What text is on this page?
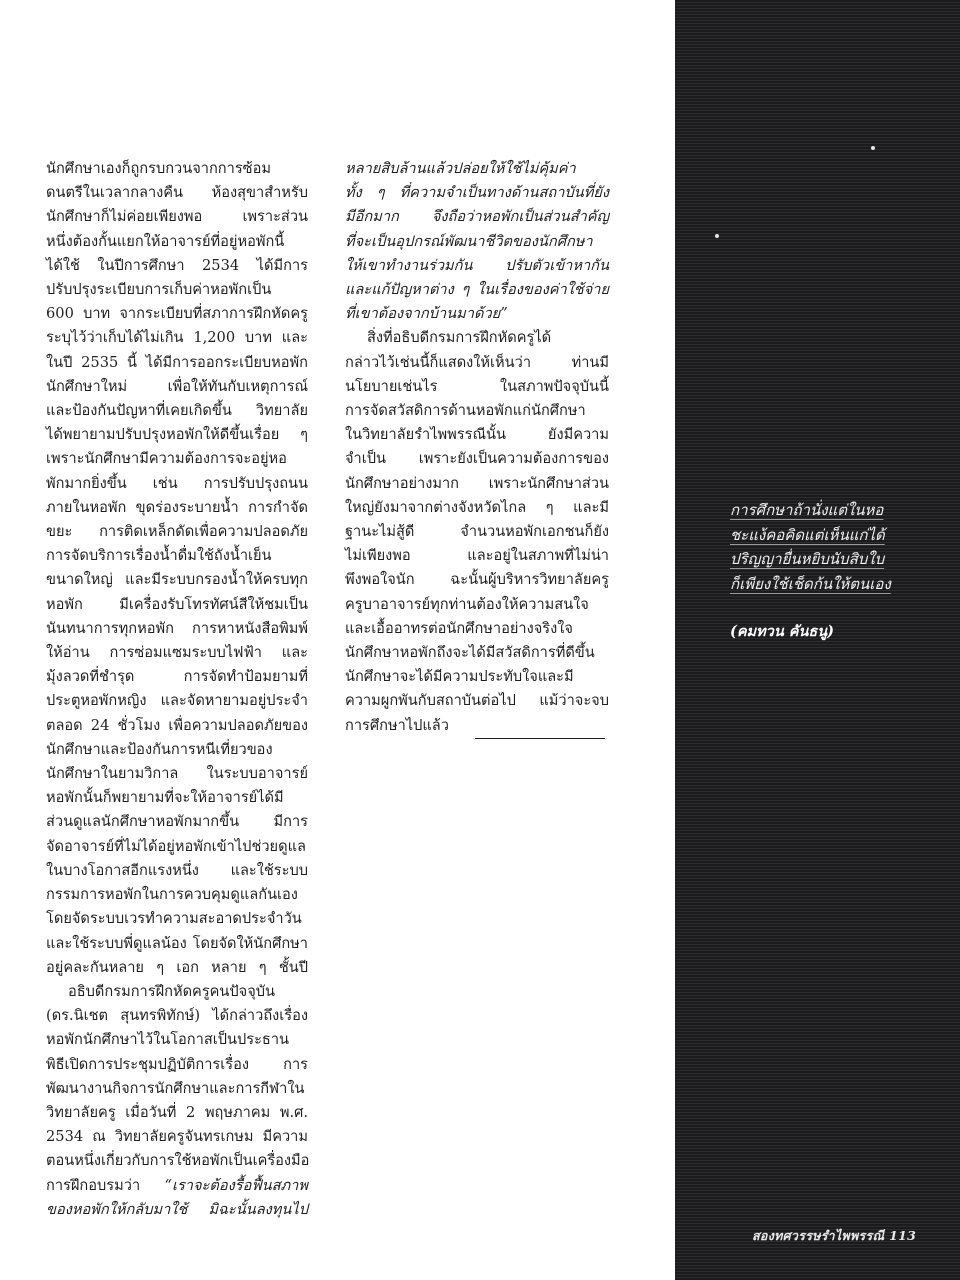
นักศึกษาเองก็ถูกรบกวนจากการซ้อม
ดนตรีในเวลากลางคืน ห้องสุขาสำหรับ
นักศึกษาก็ไม่ค่อยเพียงพอ เพราะส่วน
หนึ่งต้องกั้นแยกให้อาจารย์ที่อยู่หอพักนี้
ได้ใช้ ในปีการศึกษา 2534 ได้มีการ
ปรับปรุงระเบียบการเก็บค่าหอพักเป็น
600 บาท จากระเบียบที่สภาการฝึกหัดครู
ระบุไว้ว่าเก็บได้ไม่เกิน 1,200 บาท และ
ในปี 2535 นี้ ได้มีการออกระเบียบหอพัก
นักศึกษาใหม่ เพื่อให้ทันกับเหตุการณ์
และป้องกันปัญหาที่เคยเกิดขึ้น วิทยาลัย
ได้พยายามปรับปรุงหอพักให้ดีขึ้นเรื่อย ๆ
เพราะนักศึกษามีความต้องการจะอยู่หอ
พักมากยิ่งขึ้น เช่น การปรับปรุงถนน
ภายในหอพัก ขุดร่องระบายน้ำ การกำจัด
ขยะ การติดเหล็กดัดเพื่อความปลอดภัย
การจัดบริการเรื่องน้ำดื่มใช้ถังน้ำเย็น
ขนาดใหญ่ และมีระบบกรองน้ำให้ครบทุก
หอพัก มีเครื่องรับโทรทัศน์สีให้ชมเป็น
นันทนาการทุกหอพัก การหาหนังสือพิมพ์
ให้อ่าน การซ่อมแซมระบบไฟฟ้า และ
มุ้งลวดที่ชำรุด การจัดทำป้อมยามที่
ประตูหอพักหญิง และจัดหายามอยู่ประจำ
ตลอด 24 ชั่วโมง เพื่อความปลอดภัยของ
นักศึกษาและป้องกันการหนีเที่ยวของ
นักศึกษาในยามวิกาล ในระบบอาจารย์
หอพักนั้นก็พยายามที่จะให้อาจารย์ได้มี
ส่วนดูแลนักศึกษาหอพักมากขึ้น มีการ
จัดอาจารย์ที่ไม่ได้อยู่หอพักเข้าไปช่วยดูแล
ในบางโอกาสอีกแรงหนึ่ง และใช้ระบบ
กรรมการหอพักในการควบคุมดูแลกันเอง
โดยจัดระบบเวรทำความสะอาดประจำวัน
และใช้ระบบพี่ดูแลน้อง โดยจัดให้นักศึกษา
อยู่คละกันหลาย ๆ เอก หลาย ๆ ชั้นปี
อธิบดีกรมการฝึกหัดครูคนปัจจุบัน
(ดร.นิเชต สุนทรพิทักษ์) ได้กล่าวถึงเรื่อง
หอพักนักศึกษาไว้ในโอกาสเป็นประธาน
พิธีเปิดการประชุมปฏิบัติการเรื่อง การ
พัฒนางานกิจการนักศึกษาและการกีฬาใน
วิทยาลัยครู เมื่อวันที่ 2 พฤษภาคม พ.ศ.
2534 ณ วิทยาลัยครูจันทรเกษม มีความ
ตอนหนึ่งเกี่ยวกับการใช้หอพักเป็นเครื่องมือ
การฝึกอบรมว่า “เราจะต้องรื้อฟื้นสภาพ
ของหอพักให้กลับมาใช้ มิฉะนั้นลงทุนไป
หลายสิบล้านแล้วปล่อยให้ใช้ไม่คุ้มค่า
ทั้ง ๆ ที่ความจำเป็นทางด้านสถาบันที่ยัง
มีอีกมาก จึงถือว่าหอพักเป็นส่วนสำคัญ
ที่จะเป็นอุปกรณ์พัฒนาชีวิตของนักศึกษา
ให้เขาทำงานร่วมกัน ปรับตัวเข้าหากัน
และแก้ปัญหาต่าง ๆ ในเรื่องของค่าใช้จ่าย
ที่เขาต้องจากบ้านมาด้วย”
สิ่งที่อธิบดีกรมการฝึกหัดครูได้
กล่าวไว้เช่นนี้ก็แสดงให้เห็นว่า ท่านมี
นโยบายเช่นไร ในสภาพปัจจุบันนี้
การจัดสวัสดิการด้านหอพักแก่นักศึกษา
ในวิทยาลัยรำไพพรรณีนั้น ยังมีความ
จำเป็น เพราะยังเป็นความต้องการของ
นักศึกษาอย่างมาก เพราะนักศึกษาส่วน
ใหญ่ยังมาจากต่างจังหวัดไกล ๆ และมี
ฐานะไม่สู้ดี จำนวนหอพักเอกชนก็ยัง
ไม่เพียงพอ และอยู่ในสภาพที่ไม่น่า
พึงพอใจนัก ฉะนั้นผู้บริหารวิทยาลัยครู
ครูบาอาจารย์ทุกท่านต้องให้ความสนใจ
และเอื้ออาทรต่อนักศึกษาอย่างจริงใจ
นักศึกษาหอพักถึงจะได้มีสวัสดิการที่ดีขึ้น
นักศึกษาจะได้มีความประทับใจและมี
ความผูกพันกับสถาบันต่อไป แม้ว่าจะจบ
การศึกษาไปแล้ว
การศึกษาถ้านั่งแต่ในหอ
ชะแง้คอคิดแต่เห็นแก่ได้
ปริญญายื่นหยิบนับสิบใบ
ก็เพียงใช้เช็ดก้นให้ตนเอง
(คมทวน คันธนู)
สองทศวรรษรำไพพรรณี 113
